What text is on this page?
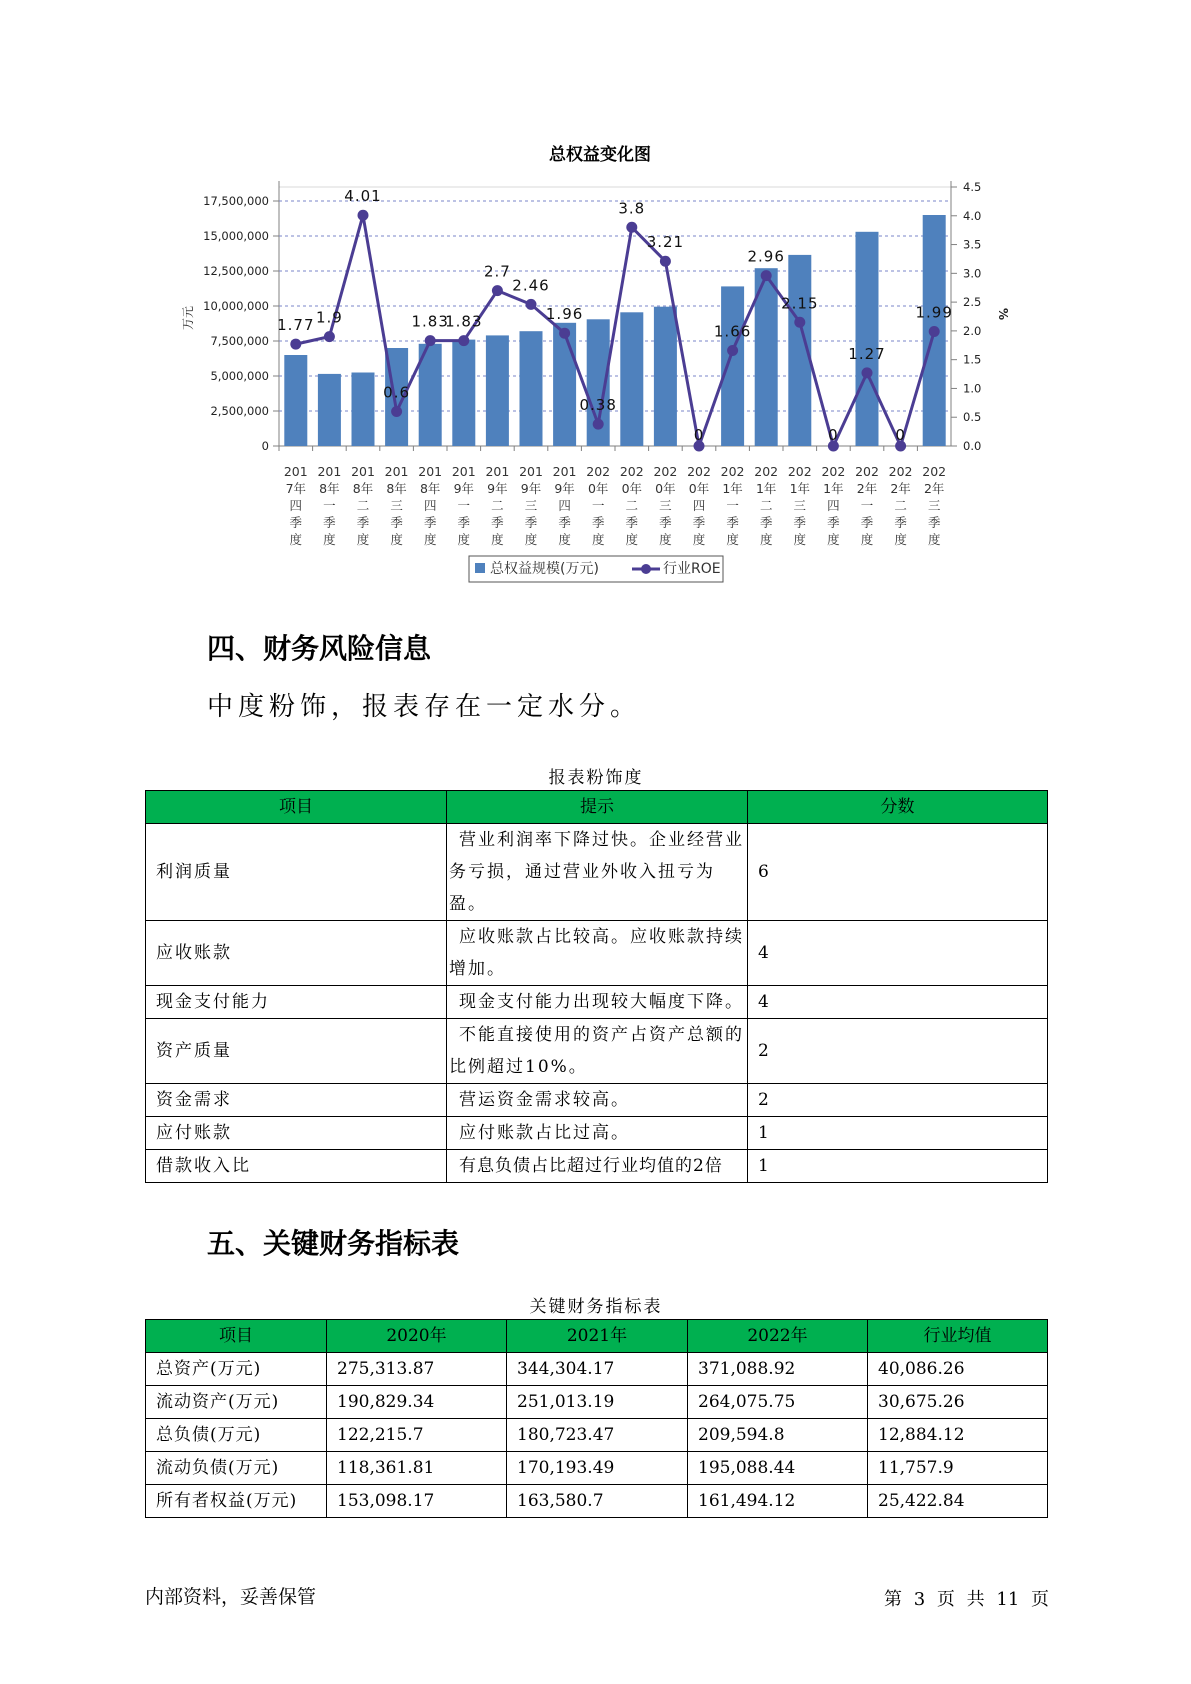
总权益变化图
0
2,500,000
5,000,000
7,500,000
10,000,000
12,500,000
15,000,000
17,500,000
万元
0.0
0.5
1.0
1.5
2.0
2.5
3.0
3.5
4.0
4.5
%
201 7年四季度
201 8年一季度
201 8年二季度
201 8年三季度
201 8年四季度
201 9年一季度
201 9年二季度
201 9年三季度
201 9年四季度
202 0年一季度
202 0年二季度
202 0年三季度
202 0年四季度
202 1年一季度
202 1年二季度
202 1年三季度
202 1年四季度
202 2年一季度
202 2年二季度
202 2年三季度
1.77 1.9
4.01
0.6
1.83
1.83
2.7
2.46
1.96
0.38
3.8
3.21
0
1.66
2.96
2.15
0
1.27
0
1.99
总权益规模(万元)	行业ROE
四、财务风险信息

中度粉饰，报表存在一定水分。

报表粉饰度
项目	提示	分数
利润质量	营业利润率下降过快。企业经营业务亏损，通过营业外收入扭亏为盈。	6
应收账款	应收账款占比较高。应收账款持续增加。	4
现金支付能力	现金支付能力出现较大幅度下降。	4
资产质量	不能直接使用的资产占资产总额的比例超过10%。	2
资金需求	营运资金需求较高。	2
应付账款	应付账款占比过高。	1
借款收入比	有息负债占比超过行业均值的2倍	1
五、关键财务指标表
关键财务指标表
项目	2020年	2021年	2022年	行业均值
总资产(万元)	275,313.87	344,304.17	371,088.92	40,086.26
流动资产(万元)	190,829.34	251,013.19	264,075.75	30,675.26
总负债(万元)	122,215.7	180,723.47	209,594.8	12,884.12
流动负债(万元)	118,361.81	170,193.49	195,088.44	11,757.9
所有者权益(万元)	153,098.17	163,580.7	161,494.12	25,422.84
内部资料，妥善保管	第 3 页 共 11 页
